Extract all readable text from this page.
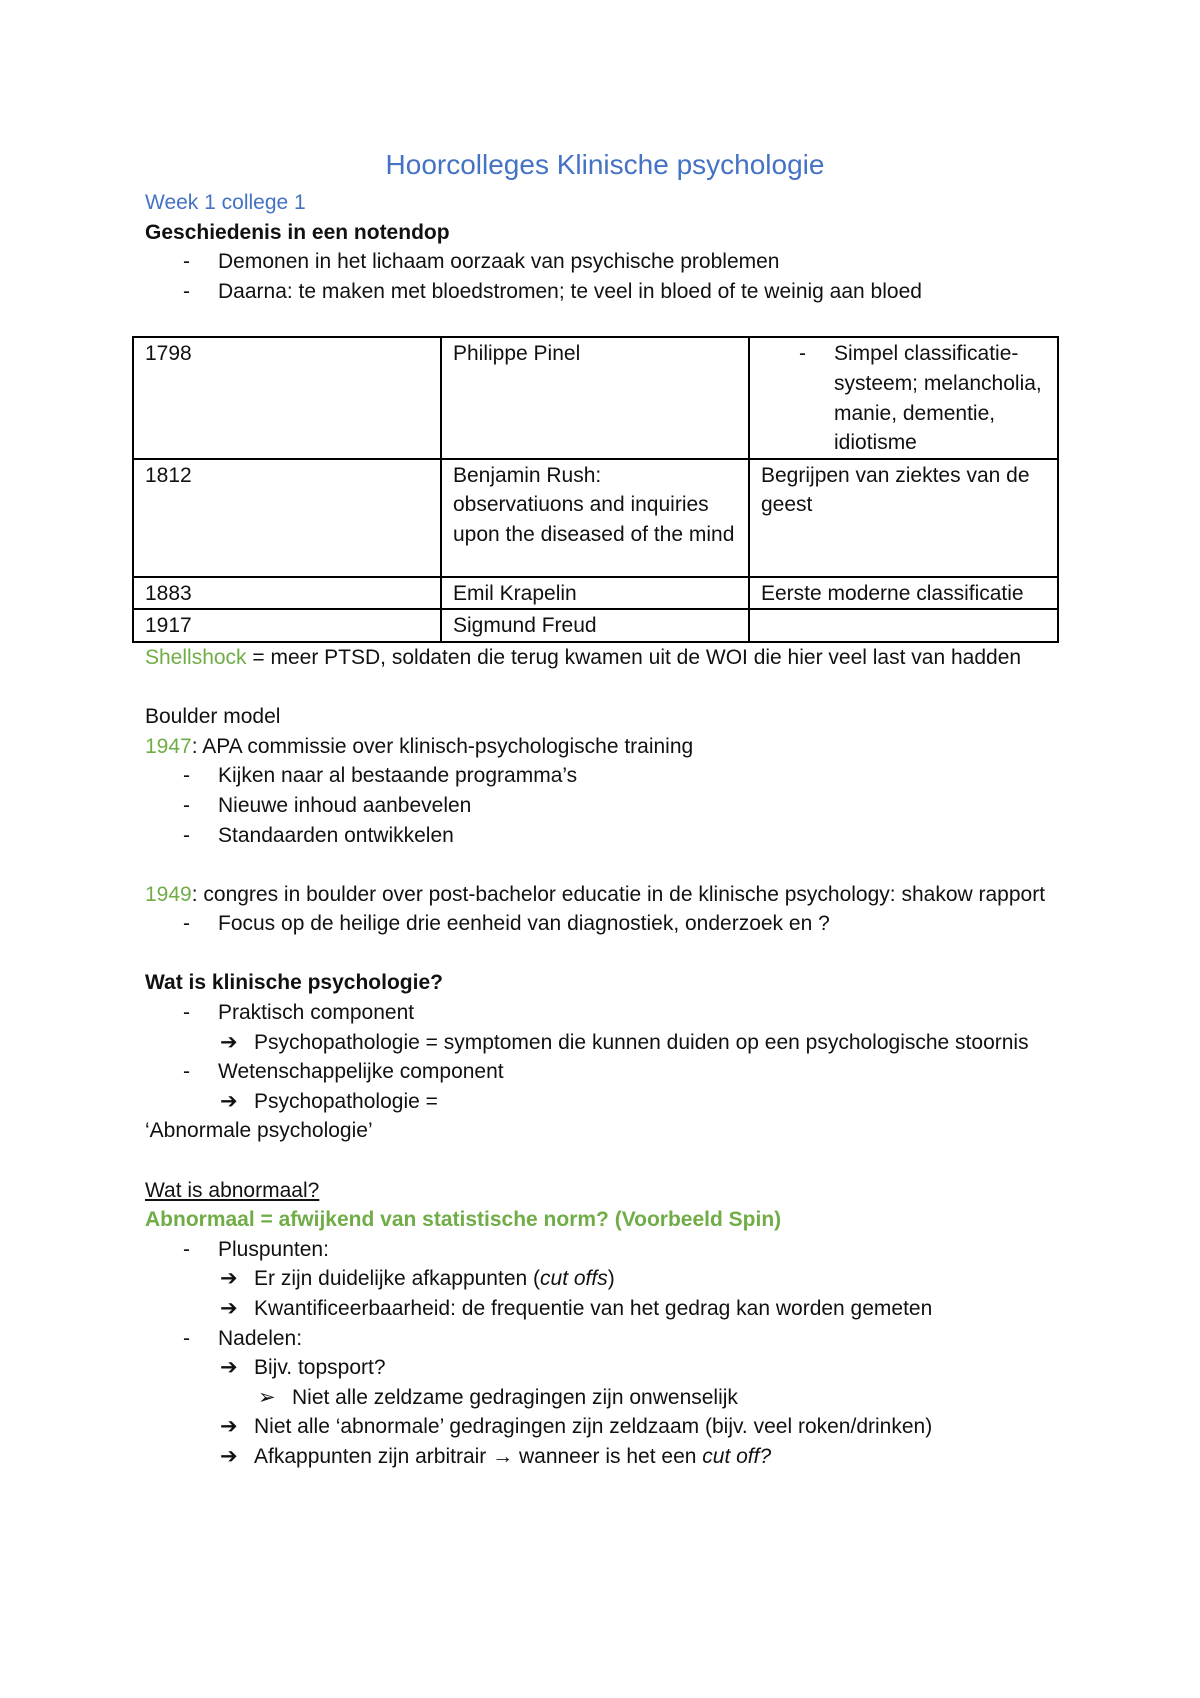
Hoorcolleges Klinische psychologie

Week 1 college 1

Geschiedenis in een notendop

- Demonen in het lichaam oorzaak van psychische problemen
- Daarna: te maken met bloedstromen; te veel in bloed of te weinig aan bloed
1798	Philippe Pinel	- Simpel classificatie-systeem; melancholia, manie, dementie, idiotisme

1812	Benjamin Rush: observatiuons and inquiries upon the diseased of the mind	Begrijpen van ziektes van de geest
1883	Emil Krapelin	Eerste moderne classificatie
1917	Sigmund Freud	

Shellshock = meer PTSD, soldaten die terug kwamen uit de WOI die hier veel last van hadden

Boulder model

1947: APA commissie over klinisch-psychologische training

- Kijken naar al bestaande programma’s
- Nieuwe inhoud aanbevelen
- Standaarden ontwikkelen

1949: congres in boulder over post-bachelor educatie in de klinische psychology: shakow rapport

- Focus op de heilige drie eenheid van diagnostiek, onderzoek en ?

Wat is klinische psychologie?

- Praktisch component
➔ Psychopathologie = symptomen die kunnen duiden op een psychologische stoornis
- Wetenschappelijke component
➔ Psychopathologie =

‘Abnormale psychologie’

Wat is abnormaal?

Abnormaal = afwijkend van statistische norm? (Voorbeeld Spin)

- Pluspunten:
➔ Er zijn duidelijke afkappunten (cut offs)
➔ Kwantificeerbaarheid: de frequentie van het gedrag kan worden gemeten
- Nadelen:
➔ Bijv. topsport?
➢ Niet alle zeldzame gedragingen zijn onwenselijk
➔ Niet alle ‘abnormale’ gedragingen zijn zeldzaam (bijv. veel roken/drinken)
➔ Afkappunten zijn arbitrair → wanneer is het een cut off?
